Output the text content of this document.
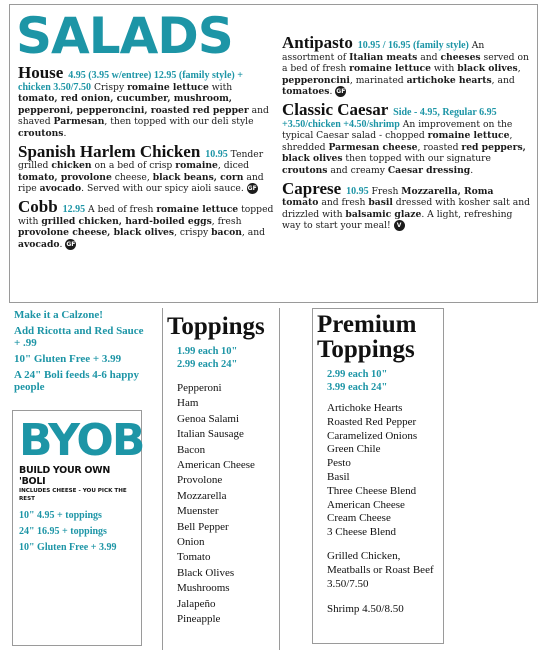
SALADS
House 4.95 (3.95 w/entree) 12.95 (family style) + chicken 3.50/7.50 Crispy romaine lettuce with tomato, red onion, cucumber, mushroom, pepperoni, pepperoncini, roasted red pepper and shaved Parmesan, then topped with our deli style croutons.
Spanish Harlem Chicken 10.95 Tender grilled chicken on a bed of crisp romaine, diced tomato, provolone cheese, black beans, corn and ripe avocado. Served with our spicy aioli sauce. GF
Cobb 12.95 A bed of fresh romaine lettuce topped with grilled chicken, hard-boiled eggs, fresh provolone cheese, black olives, crispy bacon, and avocado. GF
Antipasto 10.95 / 16.95 (family style) An assortment of Italian meats and cheeses served on a bed of fresh romaine lettuce with black olives, pepperoncini, marinated artichoke hearts, and tomatoes. GF
Classic Caesar Side - 4.95, Regular 6.95 +3.50/chicken +4.50/shrimp An improvement on the typical Caesar salad - chopped romaine lettuce, shredded Parmesan cheese, roasted red peppers, black olives then topped with our signature croutons and creamy Caesar dressing.
Caprese 10.95 Fresh Mozzarella, Roma tomato and fresh basil dressed with kosher salt and drizzled with balsamic glaze. A light, refreshing way to start your meal! V

Make it a Calzone!

Add Ricotta and Red Sauce + .99

10" Gluten Free + 3.99

A 24" Boli feeds 4-6 happy people

BYOB
BUILD YOUR OWN 'BOLI
INCLUDES CHEESE - YOU PICK THE REST
10" 4.95 + toppings
24" 16.95 + toppings
10" Gluten Free + 3.99
Toppings
1.99 each 10"
2.99 each 24"
Pepperoni
Ham
Genoa Salami
Italian Sausage
Bacon
American Cheese
Provolone
Mozzarella
Muenster
Bell Pepper
Onion
Tomato
Black Olives
Mushrooms
Jalapeño
Pineapple
Premium
Toppings
2.99 each 10"
3.99 each 24"
Artichoke Hearts
Roasted Red Pepper
Caramelized Onions
Green Chile
Pesto
Basil
Three Cheese Blend
American Cheese
Cream Cheese
3 Cheese Blend

Grilled Chicken, Meatballs or Roast Beef 3.50/7.50

Shrimp 4.50/8.50
